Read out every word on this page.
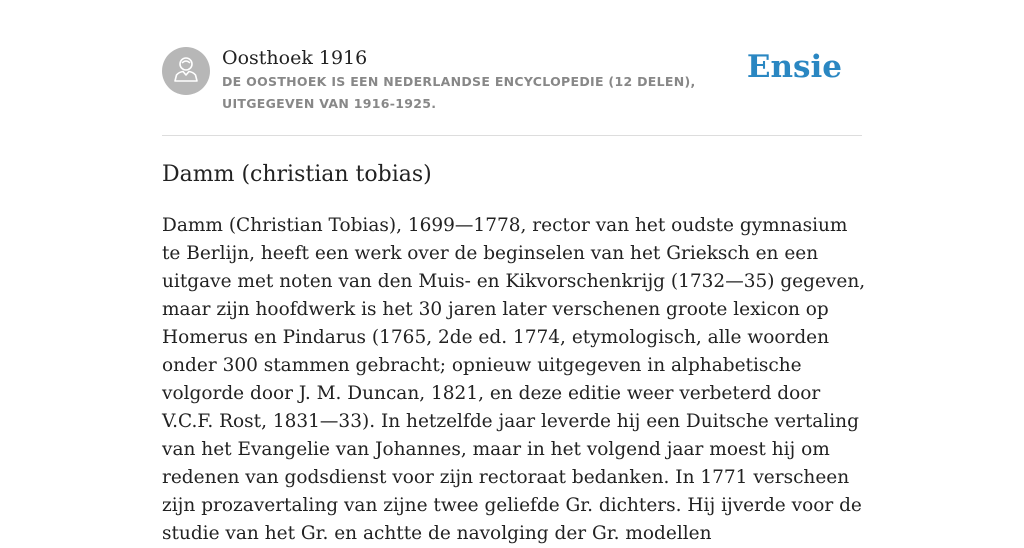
Oosthoek 1916

DE OOSTHOEK IS EEN NEDERLANDSE ENCYCLOPEDIE (12 DELEN), UITGEGEVEN VAN 1916-1925.

Ensie
Damm (christian tobias)

Damm (Christian Tobias), 1699—1778, rector van het oudste gymnasium te Berlijn, heeft een werk over de beginselen van het Grieksch en een uitgave met noten van den Muis- en Kikvorschenkrijg (1732—35) gegeven, maar zijn hoofdwerk is het 30 jaren later verschenen groote lexicon op Homerus en Pindarus (1765, 2de ed. 1774, etymologisch, alle woorden onder 300 stammen gebracht; opnieuw uitgegeven in alphabetische volgorde door J. M. Duncan, 1821, en deze editie weer verbeterd door V.C.F. Rost, 1831—33). In hetzelfde jaar leverde hij een Duitsche vertaling van het Evangelie van Johannes, maar in het volgend jaar moest hij om redenen van godsdienst voor zijn rectoraat bedanken. In 1771 verscheen zijn prozavertaling van zijne twee geliefde Gr. dichters. Hij ijverde voor de studie van het Gr. en achtte de navolging der Gr. modellen
